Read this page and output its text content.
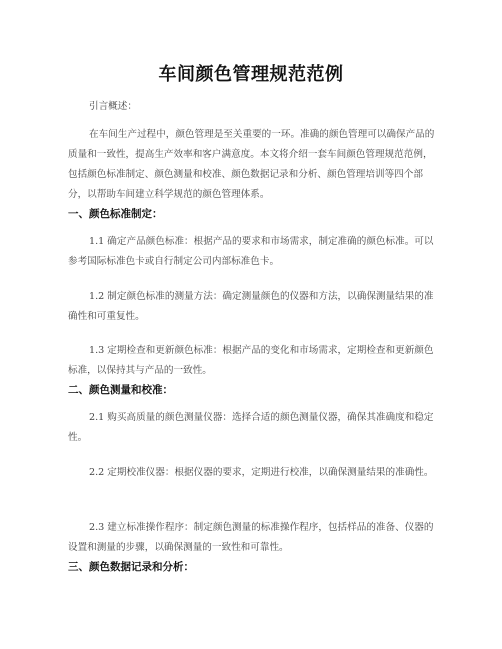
车间颜色管理规范范例
引言概述：
在车间生产过程中，颜色管理是至关重要的一环。准确的颜色管理可以确保产品的质量和一致性，提高生产效率和客户满意度。本文将介绍一套车间颜色管理规范范例，包括颜色标准制定、颜色测量和校准、颜色数据记录和分析、颜色管理培训等四个部分，以帮助车间建立科学规范的颜色管理体系。
一、颜色标准制定：
1.1 确定产品颜色标准：根据产品的要求和市场需求，制定准确的颜色标准。可以参考国际标准色卡或自行制定公司内部标准色卡。
1.2 制定颜色标准的测量方法：确定测量颜色的仪器和方法，以确保测量结果的准确性和可重复性。
1.3 定期检查和更新颜色标准：根据产品的变化和市场需求，定期检查和更新颜色标准，以保持其与产品的一致性。
二、颜色测量和校准：
2.1 购买高质量的颜色测量仪器：选择合适的颜色测量仪器，确保其准确度和稳定性。
2.2 定期校准仪器：根据仪器的要求，定期进行校准，以确保测量结果的准确性。
2.3 建立标准操作程序：制定颜色测量的标准操作程序，包括样品的准备、仪器的设置和测量的步骤，以确保测量的一致性和可靠性。
三、颜色数据记录和分析：
